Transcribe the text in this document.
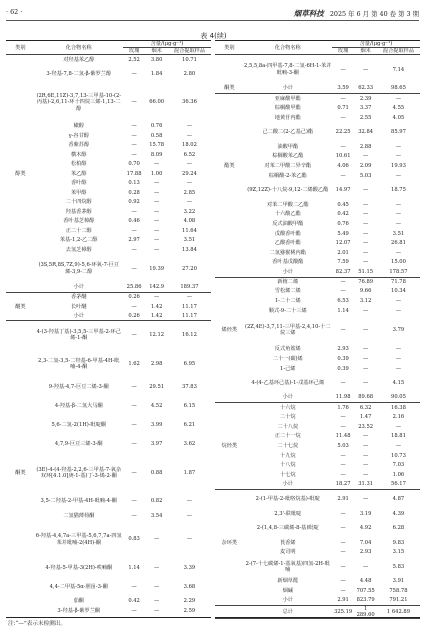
· 62 ·	烟草科技 2025 年 6 月 第 40 卷 第 3 期
表 4(续)
类别	化合物名称	含量/(μg·g⁻¹)		
		玫瑰	烟未	混合提取样品
	对羟基苯乙醇	2.52	3.80	10.71
	3-羟基-7,8-二氢-β-紫罗兰醇	—	1.84	2.80
	(2R,6E,11Z)-3,7,13-三甲基-10-(2-丙基)-2,6,11-环十四烷三烯-1,13-二醇	—	66.00	36.36
	橄醇	—	0.76	—
	γ-谷甘醇	—	0.58	—
	香紫苏醇	—	15.78	18.02
	横木醇	—	8.09	6.52
	松柏醇	0.70	—	—
醇类	苯乙醇	17.88	1.00	29.24
	香叶醇	0.13	—	—
	苯甲醇	0.28	—	2.85
	二十四烷醇	0.92	—	—
	羟基香茅醇	—	—	3.22
	香叶基芝樟醇	0.46	—	4.08
	正二十二醇	—	—	11.64
	苯基-1,2-乙二醇	2.97	—	3.51
	去氢芝樟醇	—	—	13.84
	(3S,5R,8S,7Z,9)-5,6-环氧-7-巨豆烯-3,9-二醇	—	19.39	27.20
	小计	25.86	142.9	189.37
	香茅醚	0.26	—	—
醚类	长叶醚	—	1.42	11.17
	小计	0.26	1.42	11.17
	4-(3-羟基丁基)-3,5,5-三甲基-2-环己烯-1-酮	—	12.12	16.12
	2,3-二氢-3,5-二羟基-6-甲基-4H-吡喃-4-酮	1.62	2.98	6.95
	9-羟基-4,7-巨豆二烯-3-酮	—	29.51	37.83
	4-羟基-β-二氢大马酮	—	4.52	6.15
	5,6-二氢-2(1H)-吡啶酮	—	3.99	6.21
	4,7,9-巨豆三烯-3-酮	—	3.97	3.62
酮类	(3E)-4-(4-羟基-2,2,6-三甲基-7-氧杂双环[4.1.0]庚-1-基)丁-3-烯-2-酮	—	0.88	1.87
	3,5-二羟基-2-甲基-4H-吡喃-4-酮	—	0.82	—
	二氢猫薄荷酮	—	3.54	—
	6-羟基-4,4,7a-三甲基-5,6,7,7a-四氢苯并吡喃-2(4H)-酮	0.83	—	—
	4-羟基-5-甲基-3(2H)-呹喃酮	1.14	—	3.39
	4,4-二甲基-5α-胆甾-3-酮	—	—	3.68
	茄酮	0.42	—	2.29
	3-羟基-β-紫罗兰酮	—	—	2.59
类别	化合物名称	含量/(μg·g⁻¹)		
		玫瑰	烟未	混合提取样品
	2,5,5,8a-四甲基-7,8-二氢-6H-1-苯并吡喃-3-酮	—	—	7.14
酮类	小计	3.59	62.33	98.65
	亚麻酸甲酯	—	2.39	—
	棕榈酸甲酯	0.71	3.37	4.55
	地黄苷内酯	—	2.55	4.05
	己二酸二(2-乙基己)酯	22.25	32.84	85.97
	油酸甲酯	—	2.88	—
	棕榈酸苯乙酯	10.61	—	—
酯类	对苯二甲酸二异辛酯	4.06	2.09	19.93
	棕榈酸-2-苯乙酯	—	5.03	—
	(9Z,12Z)-十八烷-9,12-二烯酸乙酯	14.97	—	18.75
	对苯二甲酸二乙酯	0.45	—	—
	十六酸乙酯	0.42	—	—
	反式油酸甲酯	0.76	—	—
	戊酸香叶酯	5.49	—	3.51
	乙酸香叶酯	12.07	—	26.81
	二氢猕猴桃内酯	2.01	—	—
	香叶基戊酸酯	7.59	—	15.00
	小计	82.37	51.15	178.57
	新植二烯	—	76.89	71.78
	雪松烯二烯	—	9.66	10.34
	1-二十二烯	6.53	3.12	—
	顺式-9-二十三烯	1.14	—	—
烯烃类	(2Z,4E)-3,7,11-三甲基-2,4,10-十二烷三烯	—	—	3.79
	反式角鲨烯	2.93	—	—
	二十一(碳)烯	0.39	—	—
	1-己烯	0.39	—	—
	4-(4-乙基环己基)-1-戊基环己烯	—	—	4.15
	小计	11.98	89.68	90.05
	十六烷	1.76	6.32	16.38
	二十烷	—	1.47	2.16
	二十八烷	—	23.52	—
	正二十一烷	11.48	—	18.81
烷烃类	二十七烷	5.03	—	—
	十九烷	—	—	10.73
	十八烷	—	—	7.03
	十七烷	—	—	1.06
	小计	18.27	31.31	56.17
	2-(1-甲基-2-吡咯烷基)-吡啶	2.91	—	4.87
	2,3'-联吡啶	—	3.19	4.39
	2-(1,4,8-三碳烯-8-基)吡啶	—	4.92	6.28
杂环类	莨香烯	—	7.04	9.83
	麦司明	—	2.93	3.15
	2-(7-十七碳烯-1-基氧基)四氢-2H-吡喃	—	—	5.83
	新烟草醛	—	4.48	3.91
	烟碱	—	707.55	758.78
	小计	2.91	823.79	791.21
	总计	325.19	1 289.60	1 642.89
注:“—”表示未检测出。
